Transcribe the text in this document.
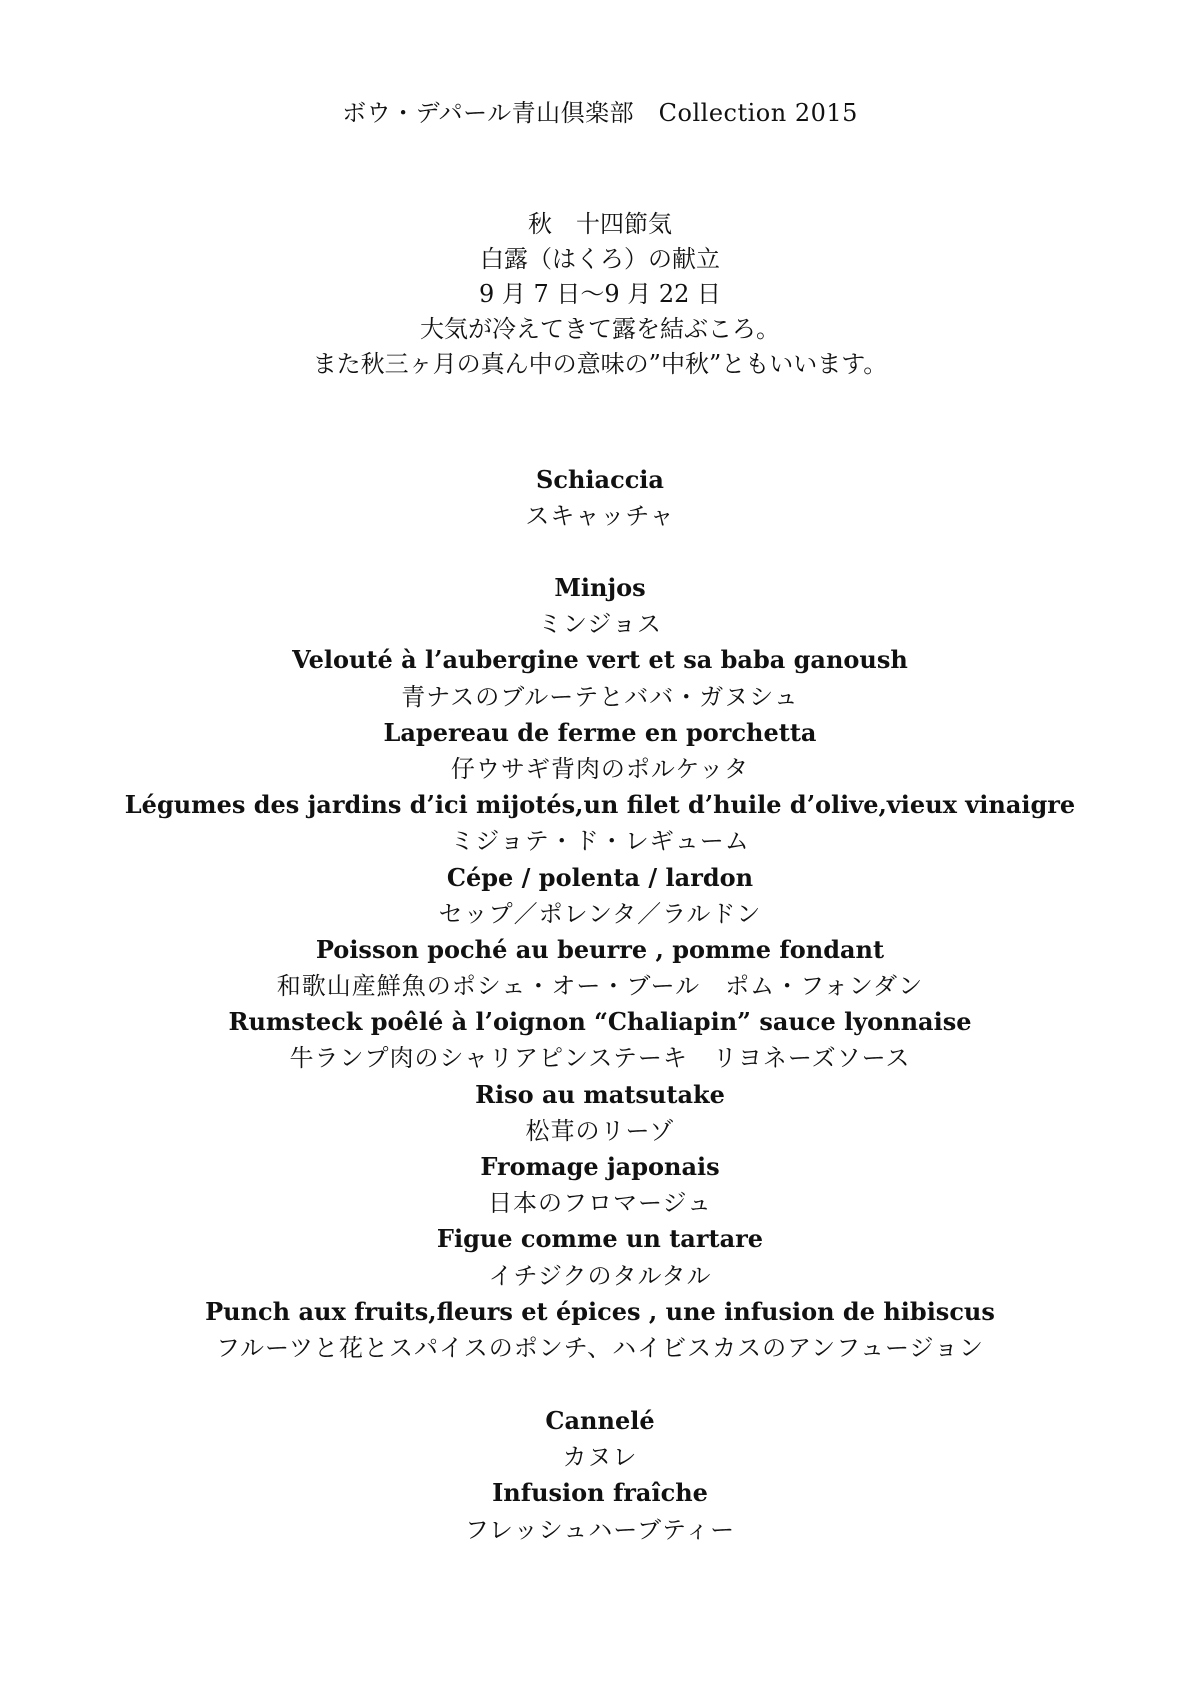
ボウ・デパール青山倶楽部　Collection 2015
秋　十四節気
白露（はくろ）の献立
9 月 7 日〜9 月 22 日
大気が冷えてきて露を結ぶころ。
また秋三ヶ月の真ん中の意味の”中秋”ともいいます。
Schiaccia
スキャッチャ
Minjos
ミンジョス
Velouté à l’aubergine vert et sa baba ganoush
青ナスのブルーテとババ・ガヌシュ
Lapereau de ferme en porchetta
仔ウサギ背肉のポルケッタ
Légumes des jardins d’ici mijotés,un filet d’huile d’olive,vieux vinaigre
ミジョテ・ド・レギューム
Cépe / polenta / lardon
セップ／ポレンタ／ラルドン
Poisson poché au beurre , pomme fondant
和歌山産鮮魚のポシェ・オー・ブール　ポム・フォンダン
Rumsteck poêlé à l’oignon “Chaliapin” sauce lyonnaise
牛ランプ肉のシャリアピンステーキ　リヨネーズソース
Riso au matsutake
松茸のリーゾ
Fromage japonais
日本のフロマージュ
Figue comme un tartare
イチジクのタルタル
Punch aux fruits,fleurs et épices , une infusion de hibiscus
フルーツと花とスパイスのポンチ、ハイビスカスのアンフュージョン
Cannelé
カヌレ
Infusion fraîche
フレッシュハーブティー
